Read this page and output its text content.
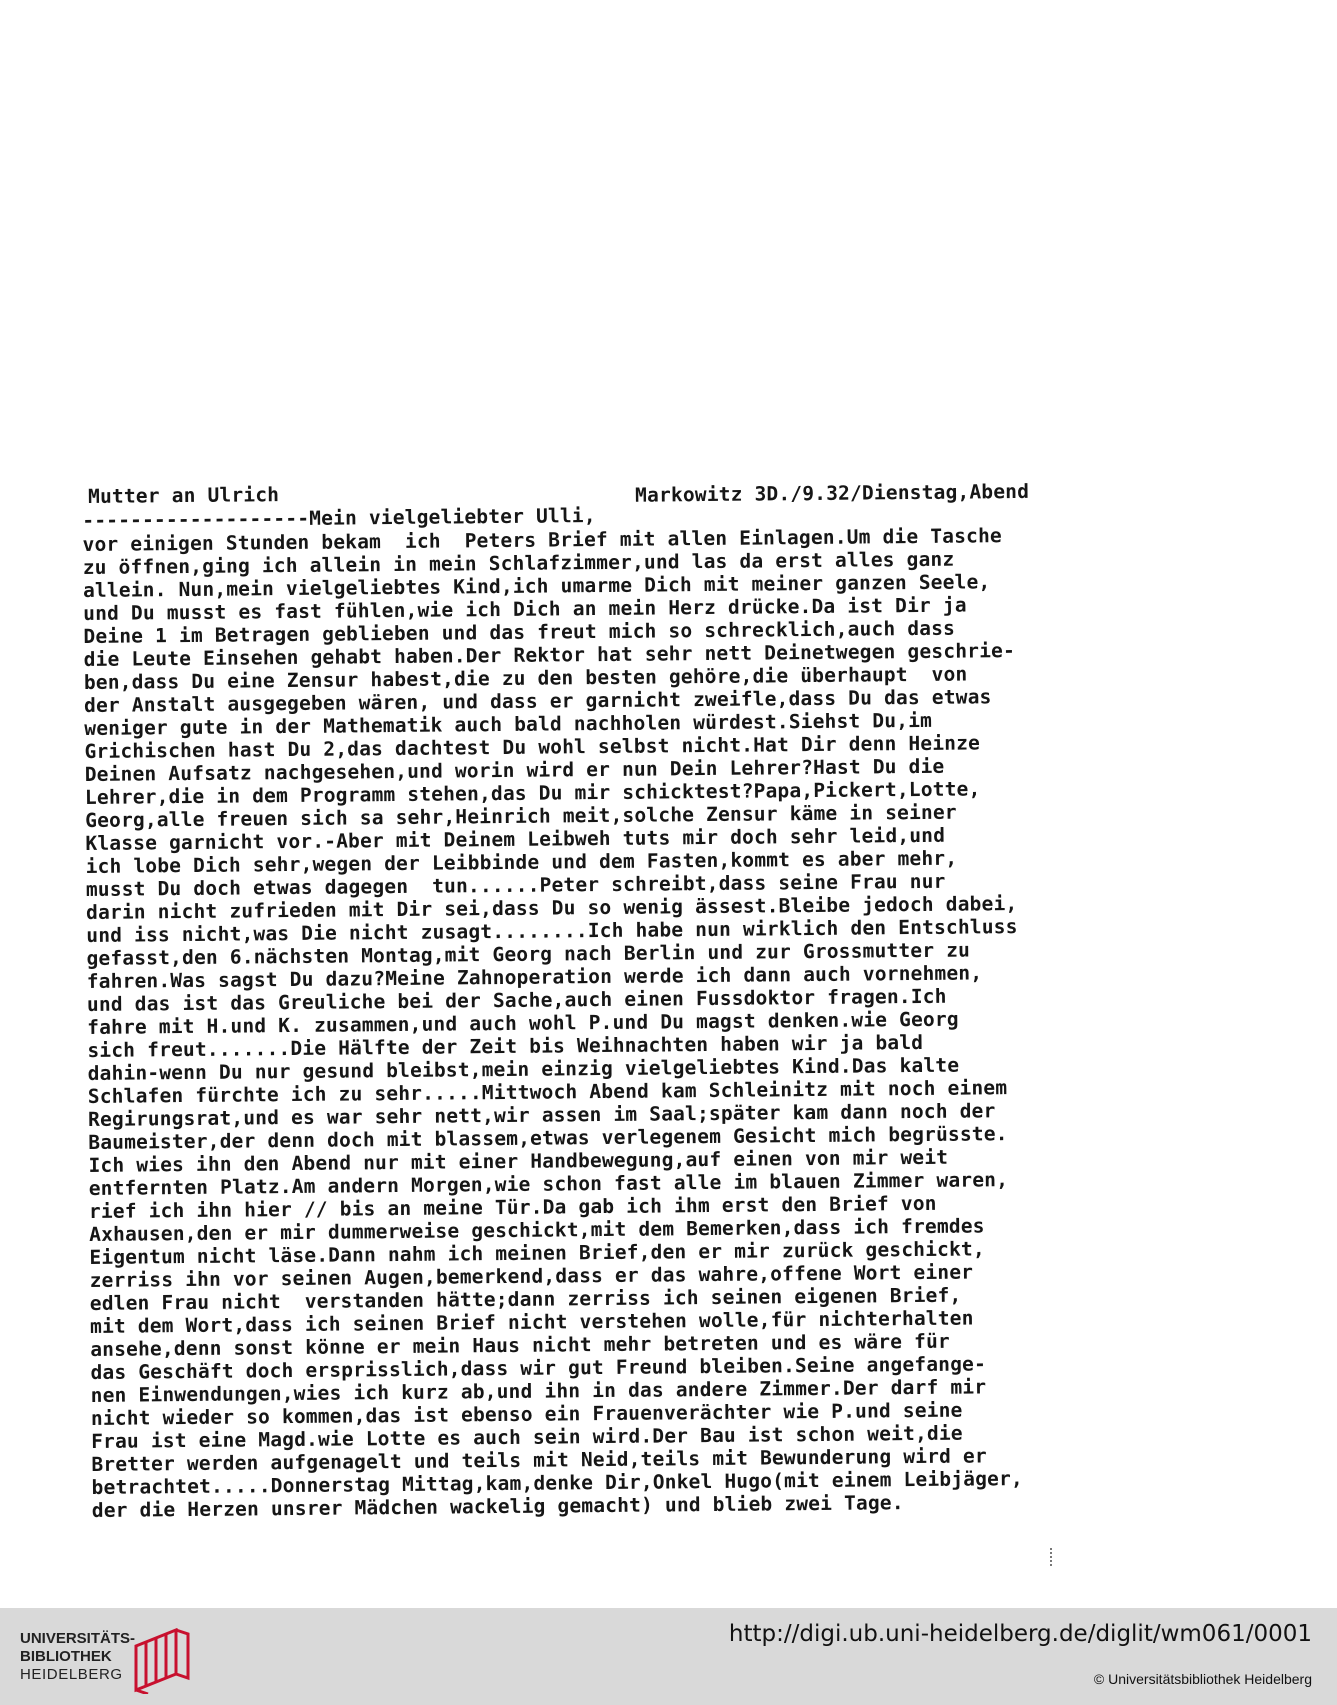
Mutter an Ulrich

	Markowitz 3D./9.32/Dienstag,Abend

-------------------Mein vielgeliebter Ulli,
vor einigen Stunden bekam  ich  Peters Brief mit allen Einlagen.Um die Tasche
zu öffnen,ging ich allein in mein Schlafzimmer,und las da erst alles ganz
allein. Nun,mein vielgeliebtes Kind,ich umarme Dich mit meiner ganzen Seele,
und Du musst es fast fühlen,wie ich Dich an mein Herz drücke.Da ist Dir ja
Deine 1 im Betragen geblieben und das freut mich so schrecklich,auch dass
die Leute Einsehen gehabt haben.Der Rektor hat sehr nett Deinetwegen geschrie-
ben,dass Du eine Zensur habest,die zu den besten gehöre,die überhaupt  von
der Anstalt ausgegeben wären, und dass er garnicht zweifle,dass Du das etwas
weniger gute in der Mathematik auch bald nachholen würdest.Siehst Du,im
Grichischen hast Du 2,das dachtest Du wohl selbst nicht.Hat Dir denn Heinze
Deinen Aufsatz nachgesehen,und worin wird er nun Dein Lehrer?Hast Du die
Lehrer,die in dem Programm stehen,das Du mir schicktest?Papa,Pickert,Lotte,
Georg,alle freuen sich sa sehr,Heinrich meit,solche Zensur käme in seiner
Klasse garnicht vor.-Aber mit Deinem Leibweh tuts mir doch sehr leid,und
ich lobe Dich sehr,wegen der Leibbinde und dem Fasten,kommt es aber mehr,
musst Du doch etwas dagegen  tun......Peter schreibt,dass seine Frau nur
darin nicht zufrieden mit Dir sei,dass Du so wenig ässest.Bleibe jedoch dabei,
und iss nicht,was Die nicht zusagt........Ich habe nun wirklich den Entschluss
gefasst,den 6.nächsten Montag,mit Georg nach Berlin und zur Grossmutter zu
fahren.Was sagst Du dazu?Meine Zahnoperation werde ich dann auch vornehmen,
und das ist das Greuliche bei der Sache,auch einen Fussdoktor fragen.Ich
fahre mit H.und K. zusammen,und auch wohl P.und Du magst denken.wie Georg
sich freut.......Die Hälfte der Zeit bis Weihnachten haben wir ja bald
dahin-wenn Du nur gesund bleibst,mein einzig vielgeliebtes Kind.Das kalte
Schlafen fürchte ich zu sehr.....Mittwoch Abend kam Schleinitz mit noch einem
Regirungsrat,und es war sehr nett,wir assen im Saal;später kam dann noch der
Baumeister,der denn doch mit blassem,etwas verlegenem Gesicht mich begrüsste.
Ich wies ihn den Abend nur mit einer Handbewegung,auf einen von mir weit
entfernten Platz.Am andern Morgen,wie schon fast alle im blauen Zimmer waren,
rief ich ihn hier // bis an meine Tür.Da gab ich ihm erst den Brief von
Axhausen,den er mir dummerweise geschickt,mit dem Bemerken,dass ich fremdes
Eigentum nicht läse.Dann nahm ich meinen Brief,den er mir zurück geschickt,
zerriss ihn vor seinen Augen,bemerkend,dass er das wahre,offene Wort einer
edlen Frau nicht  verstanden hätte;dann zerriss ich seinen eigenen Brief,
mit dem Wort,dass ich seinen Brief nicht verstehen wolle,für nichterhalten
ansehe,denn sonst könne er mein Haus nicht mehr betreten und es wäre für
das Geschäft doch ersprisslich,dass wir gut Freund bleiben.Seine angefange-
nen Einwendungen,wies ich kurz ab,und ihn in das andere Zimmer.Der darf mir
nicht wieder so kommen,das ist ebenso ein Frauenverächter wie P.und seine
Frau ist eine Magd.wie Lotte es auch sein wird.Der Bau ist schon weit,die
Bretter werden aufgenagelt und teils mit Neid,teils mit Bewunderung wird er
betrachtet.....Donnerstag Mittag,kam,denke Dir,Onkel Hugo(mit einem Leibjäger,
der die Herzen unsrer Mädchen wackelig gemacht) und blieb zwei Tage.
UNIVERSITÄTS-
BIBLIOTHEK
HEIDELBERG
http://digi.ub.uni-heidelberg.de/diglit/wm061/0001
© Universitätsbibliothek Heidelberg
